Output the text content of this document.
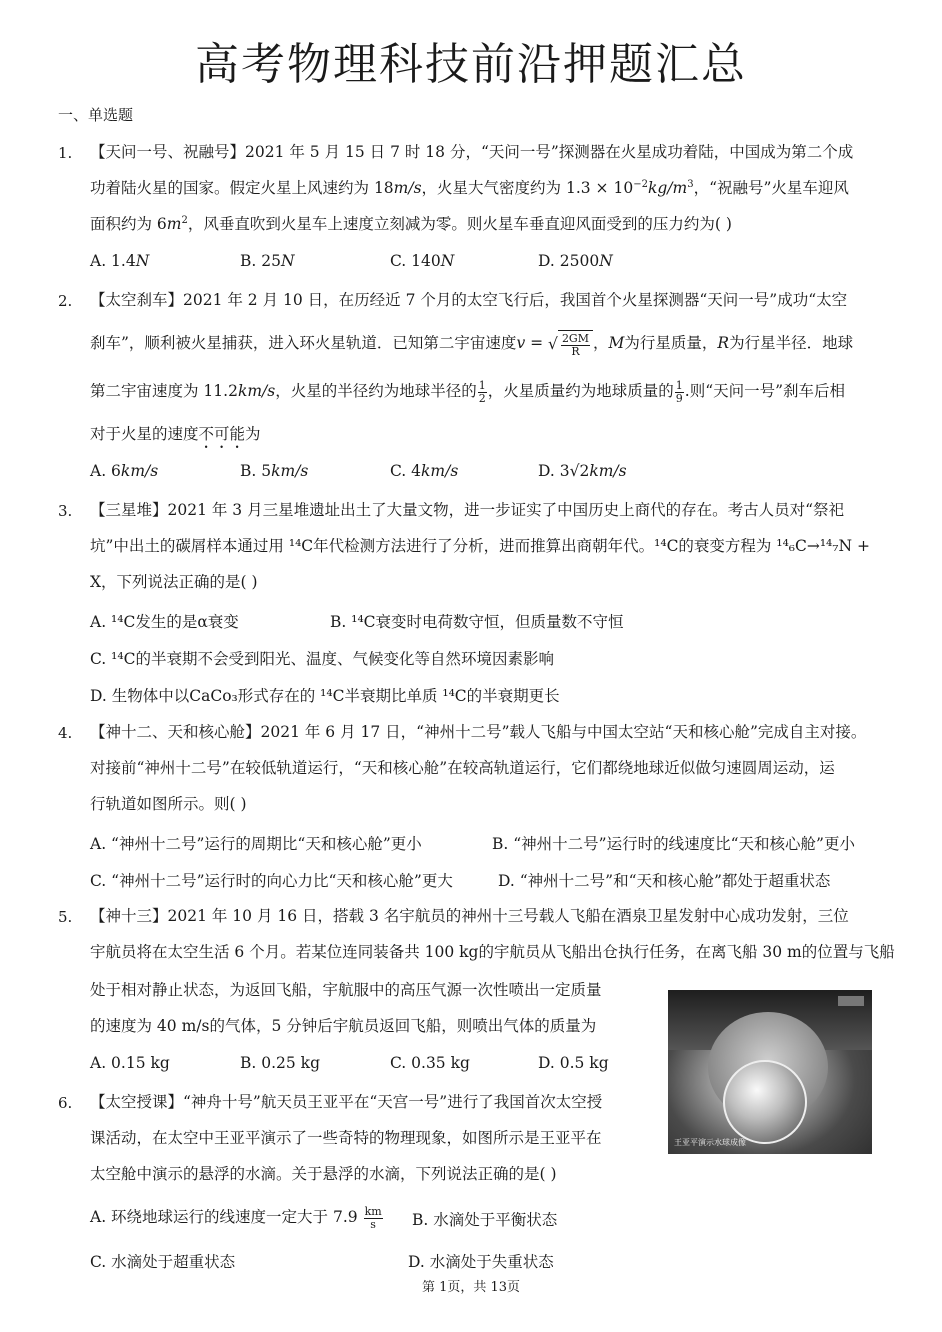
高考物理科技前沿押题汇总
一、单选题
1. 【天问一号、祝融号】2021 年 5 月 15 日 7 时 18 分，“天问一号”探测器在火星成功着陆，中国成为第二个成
功着陆火星的国家。假定火星上风速约为 18m/s，火星大气密度约为 $1.3 \times 10^{-2}kg/m^3$，“祝融号”火星车迎风
面积约为 $6m^2$，风垂直吹到火星车上速度立刻减为零。则火星车垂直迎风面受到的压力约为( )
A. 1.4N	B. 25N	C. 140N	D. 2500N
2. 【太空刹车】2021 年 2 月 10 日，在历经近 7 个月的太空飞行后，我国首个火星探测器“天问一号”成功“太空
刹车”，顺利被火星捕获，进入环火星轨道．已知第二宇宙速度v = √ $\frac{2GM}{R}$ ，M为行星质量，R为行星半径．地球
第二宇宙速度为 11.2km/s，火星的半径约为地球半径的 $\frac{1}{2}$ ，火星质量约为地球质量的 $\frac{1}{9}$ .则“天问一号”刹车后相
对于火星的速度不可能为
A. 6km/s	B. 5km/s	C. 4km/s	D. 3√2km/s
3. 【三星堆】2021 年 3 月三星堆遗址出土了大量文物，进一步证实了中国历史上商代的存在。考古人员对“祭祀
坑”中出土的碳屑样本通过用 ¹⁴C年代检测方法进行了分析，进而推算出商朝年代。¹⁴C的衰变方程为 ¹⁴₆C→¹⁴₇N +
X，下列说法正确的是( )
A. ¹⁴C发生的是α衰变	B. ¹⁴C衰变时电荷数守恒，但质量数不守恒
C. ¹⁴C的半衰期不会受到阳光、温度、气候变化等自然环境因素影响
D. 生物体中以CaCo₃形式存在的 ¹⁴C半衰期比单质 ¹⁴C的半衰期更长
4. 【神十二、天和核心舱】2021 年 6 月 17 日，“神州十二号”载人飞船与中国太空站“天和核心舱”完成自主对接。
对接前“神州十二号”在较低轨道运行，“天和核心舱”在较高轨道运行，它们都绕地球近似做匀速圆周运动，运
行轨道如图所示。则( )
A. “神州十二号”运行的周期比“天和核心舱”更小	B. “神州十二号”运行时的线速度比“天和核心舱”更小
C. “神州十二号”运行时的向心力比“天和核心舱”更大	D. “神州十二号”和“天和核心舱”都处于超重状态
5. 【神十三】2021 年 10 月 16 日，搭载 3 名宇航员的神州十三号载人飞船在酒泉卫星发射中心成功发射，三位
宇航员将在太空生活 6 个月。若某位连同装备共 100 kg的宇航员从飞船出仓执行任务，在离飞船 30 m的位置与飞船
处于相对静止状态，为返回飞船，宇航服中的高压气源一次性喷出一定质量
的速度为 40 m/s的气体，5 分钟后宇航员返回飞船，则喷出气体的质量为
A. 0.15 kg	B. 0.25 kg	C. 0.35 kg	D. 0.5 kg
王亚平演示水球成像
6. 【太空授课】“神舟十号”航天员王亚平在“天宫一号”进行了我国首次太空授
课活动，在太空中王亚平演示了一些奇特的物理现象，如图所示是王亚平在
太空舱中演示的悬浮的水滴。关于悬浮的水滴，下列说法正确的是( )
A. 环绕地球运行的线速度一定大于 $7.9 \frac{km}{s} B$. 水滴处于平衡状态
C. 水滴处于超重状态	D. 水滴处于失重状态
第 1页，共 13页
